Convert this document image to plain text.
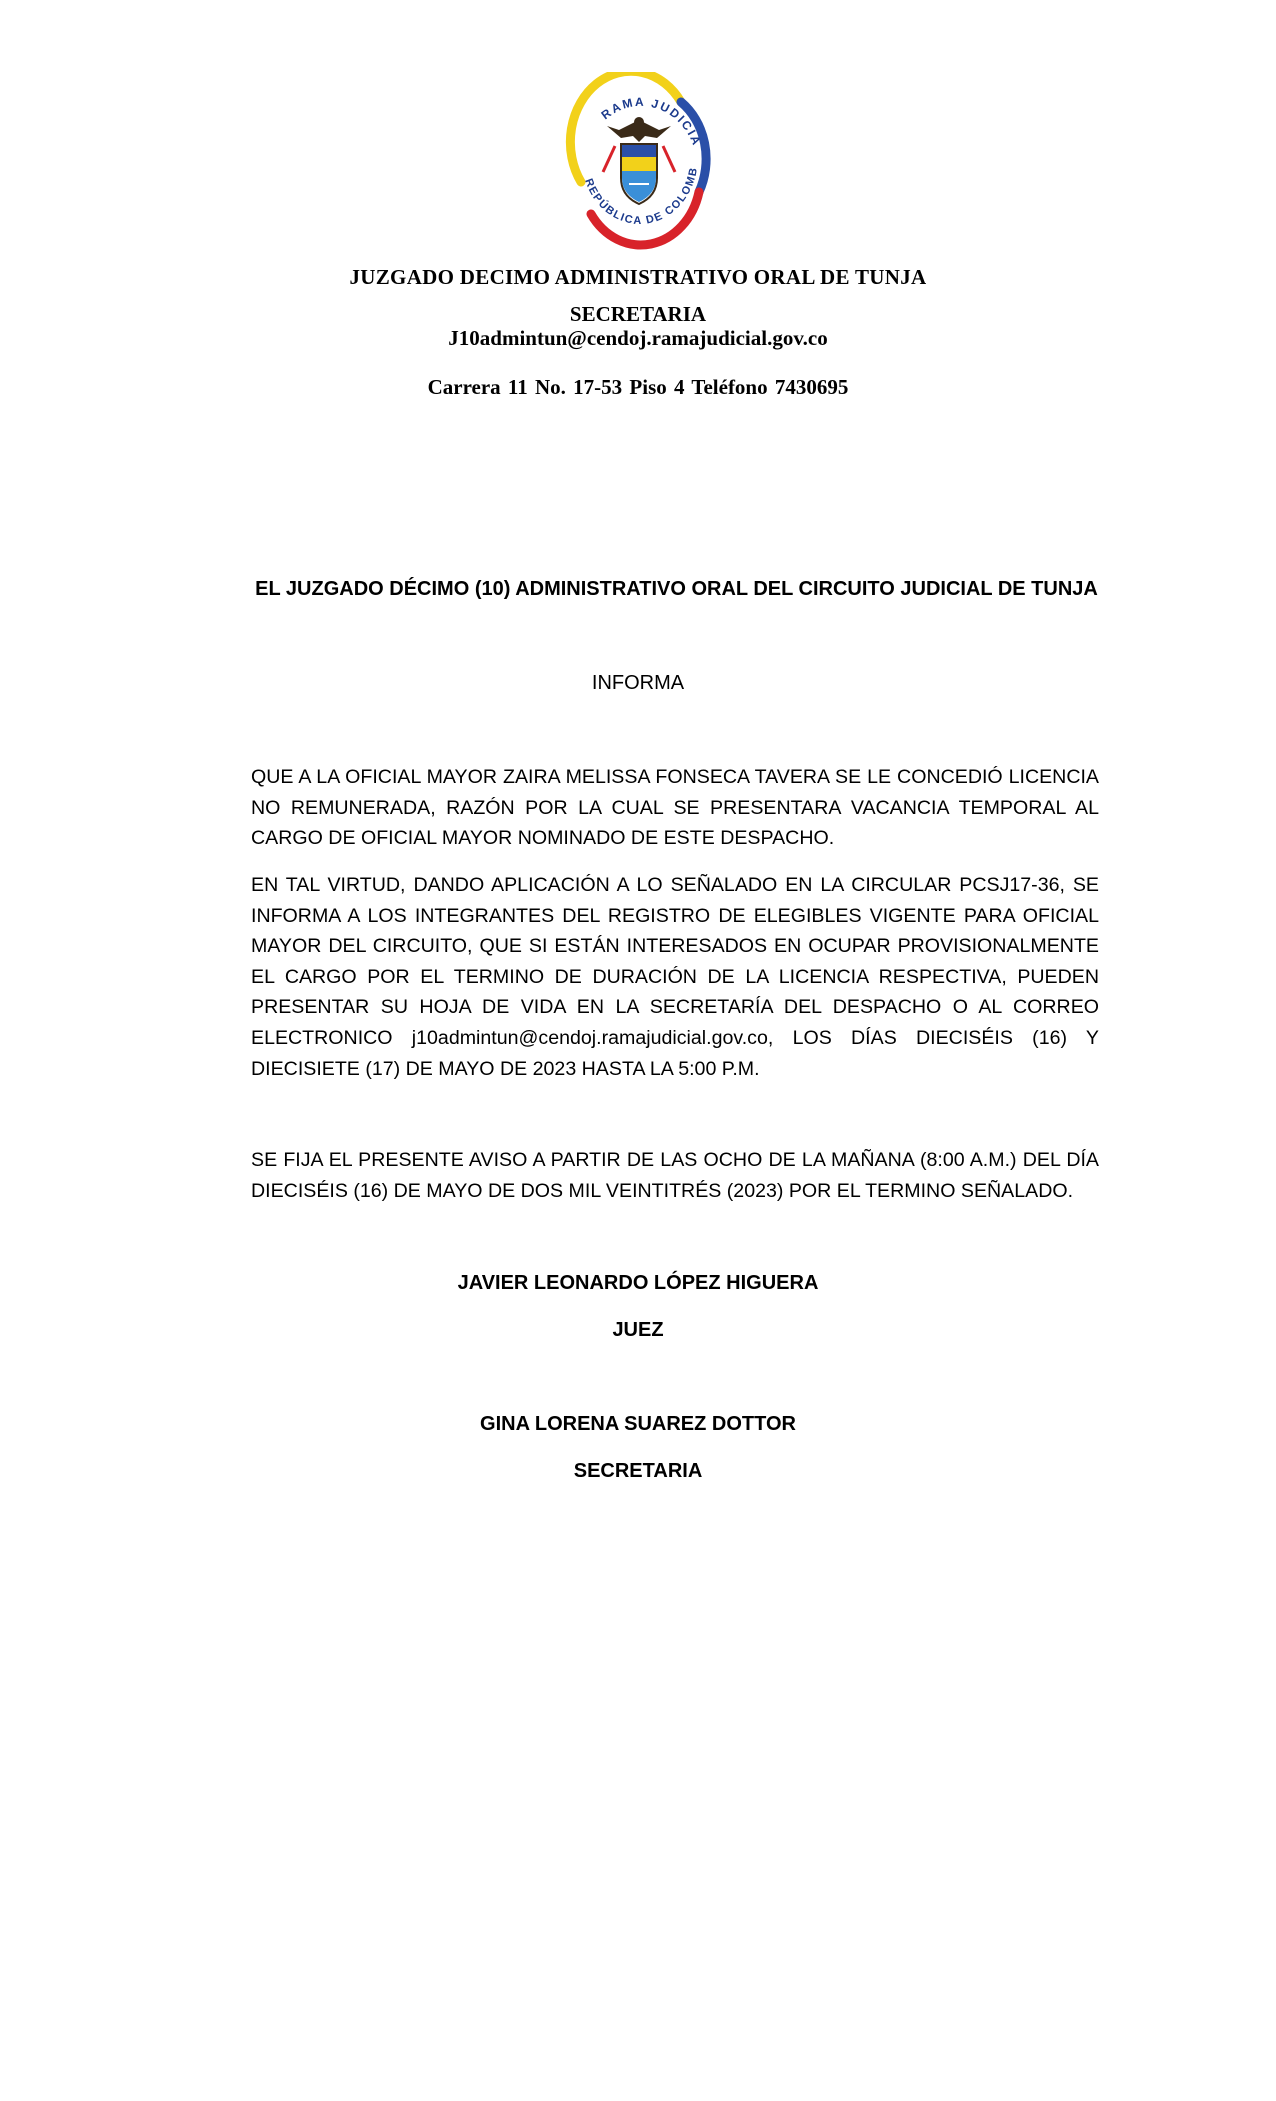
RAMA JUDICIA
REPÚBLICA DE COLOMB
JUZGADO DECIMO ADMINISTRATIVO ORAL DE TUNJA
SECRETARIA
J10admintun@cendoj.ramajudicial.gov.co
Carrera 11 No. 17-53 Piso 4 Teléfono 7430695
EL JUZGADO DÉCIMO (10) ADMINISTRATIVO ORAL DEL CIRCUITO JUDICIAL DE TUNJA
INFORMA
QUE A LA OFICIAL MAYOR ZAIRA MELISSA FONSECA TAVERA SE LE CONCEDIÓ LICENCIA NO REMUNERADA, RAZÓN POR LA CUAL SE PRESENTARA VACANCIA TEMPORAL AL CARGO DE OFICIAL MAYOR NOMINADO DE ESTE DESPACHO.
EN TAL VIRTUD, DANDO APLICACIÓN A LO SEÑALADO EN LA CIRCULAR PCSJ17-36, SE INFORMA A LOS INTEGRANTES DEL REGISTRO DE ELEGIBLES VIGENTE PARA OFICIAL MAYOR DEL CIRCUITO, QUE SI ESTÁN INTERESADOS EN OCUPAR PROVISIONALMENTE EL CARGO POR EL TERMINO DE DURACIÓN DE LA LICENCIA RESPECTIVA, PUEDEN PRESENTAR SU HOJA DE VIDA EN LA SECRETARÍA DEL DESPACHO O AL CORREO ELECTRONICO j10admintun@cendoj.ramajudicial.gov.co, LOS DÍAS DIECISÉIS (16) Y DIECISIETE (17) DE MAYO DE 2023 HASTA LA 5:00 P.M.
SE FIJA EL PRESENTE AVISO A PARTIR DE LAS OCHO DE LA MAÑANA (8:00 A.M.) DEL DÍA DIECISÉIS (16) DE MAYO DE DOS MIL VEINTITRÉS (2023) POR EL TERMINO SEÑALADO.
JAVIER LEONARDO LÓPEZ HIGUERA
JUEZ
GINA LORENA SUAREZ DOTTOR
SECRETARIA
